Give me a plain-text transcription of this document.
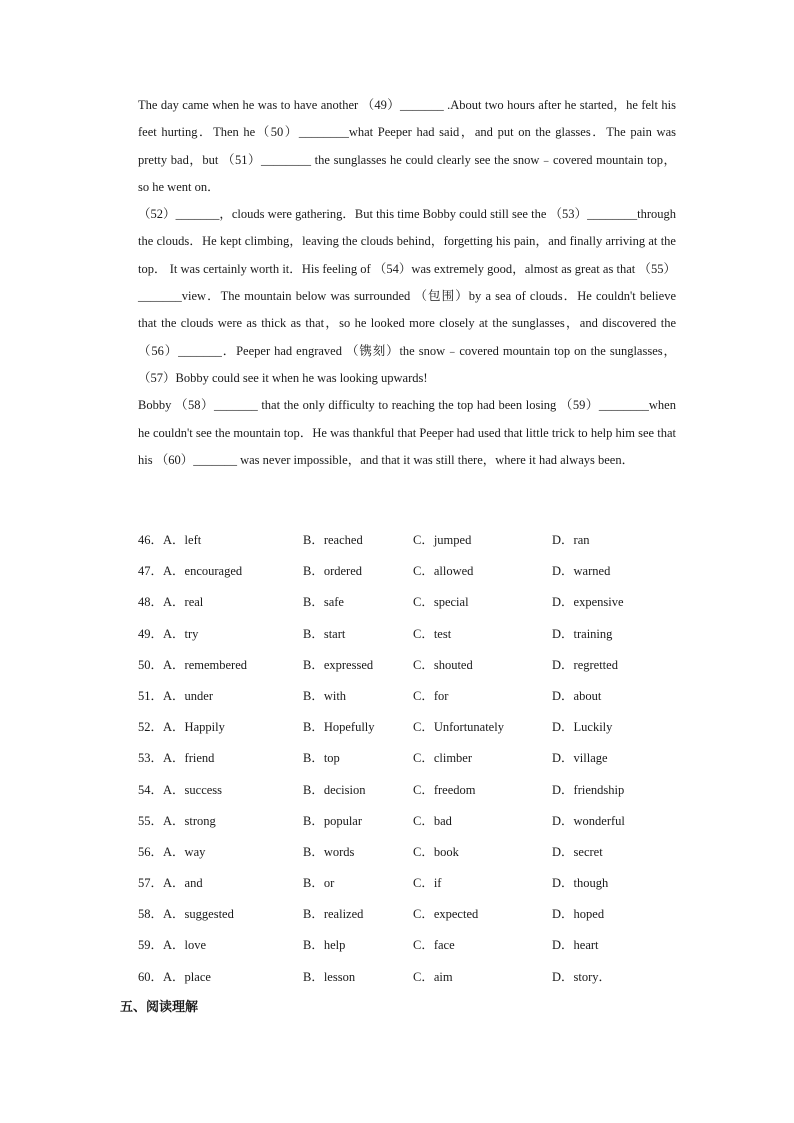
The day came when he was to have another （49）_______ .About two hours after he started，he felt his feet hurting．Then he（50）________what Peeper had said，and put on the glasses．The pain was pretty bad，but （51）________ the sunglasses he could clearly see the snow﹣covered mountain top，so he went on．

（52）_______，clouds were gathering．But this time Bobby could still see the （53）________through the clouds．He kept climbing，leaving the clouds behind，forgetting his pain，and finally arriving at the top． It was certainly worth it．His feeling of （54）was extremely good，almost as great as that （55）_______view．The mountain below was surrounded （包围）by a sea of clouds．He couldn't believe that the clouds were as thick as that，so he looked more closely at the sunglasses，and discovered the （56）_______．Peeper had engraved （镌刻）the snow﹣covered mountain top on the sunglasses，（57）Bobby could see it when he was looking upwards!

Bobby （58）_______ that the only difficulty to reaching the top had been losing （59）________when he couldn't see the mountain top．He was thankful that Peeper had used that little trick to help him see that his （60）_______ was never impossible，and that it was still there，where it had always been．

46．A．left	B．reached	C．jumped	D．ran
47．A．encouraged	B．ordered	C．allowed	D．warned
48．A．real	B．safe	C．special	D．expensive
49．A．try	B．start	C．test	D．training
50．A．remembered	B．expressed	C．shouted	D．regretted
51．A．under	B．with	C．for	D．about
52．A．Happily	B．Hopefully	C．Unfortunately	D．Luckily
53．A．friend	B．top	C．climber	D．village
54．A．success	B．decision	C．freedom	D．friendship
55．A．strong	B．popular	C．bad	D．wonderful
56．A．way	B．words	C．book	D．secret
57．A．and	B．or	C．if	D．though
58．A．suggested	B．realized	C．expected	D．hoped
59．A．love	B．help	C．face	D．heart
60．A．place	B．lesson	C．aim	D．story．
五、阅读理解
